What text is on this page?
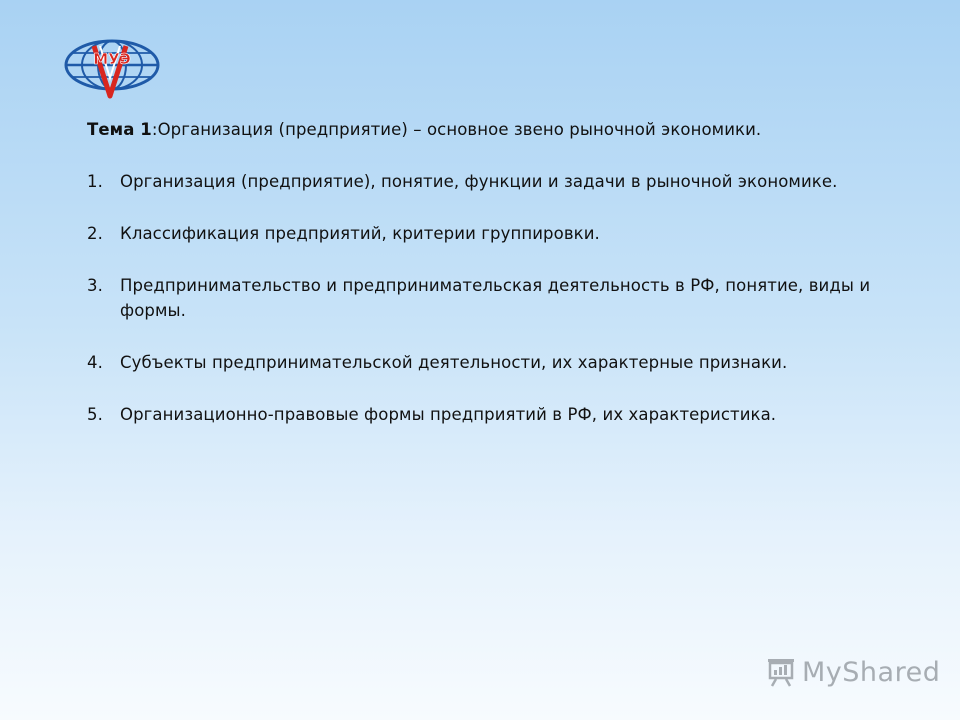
МУЭ

Тема 1:Организация (предприятие) – основное звено рыночной экономики.

1. Организация (предприятие), понятие, функции и задачи в рыночной экономике.
2. Классификация предприятий, критерии группировки.
3. Предпринимательство и предпринимательская деятельность в РФ, понятие, виды и формы.
4. Субъекты предпринимательской деятельности, их характерные признаки.
5. Организационно-правовые формы предприятий в РФ, их характеристика.
MyShared
